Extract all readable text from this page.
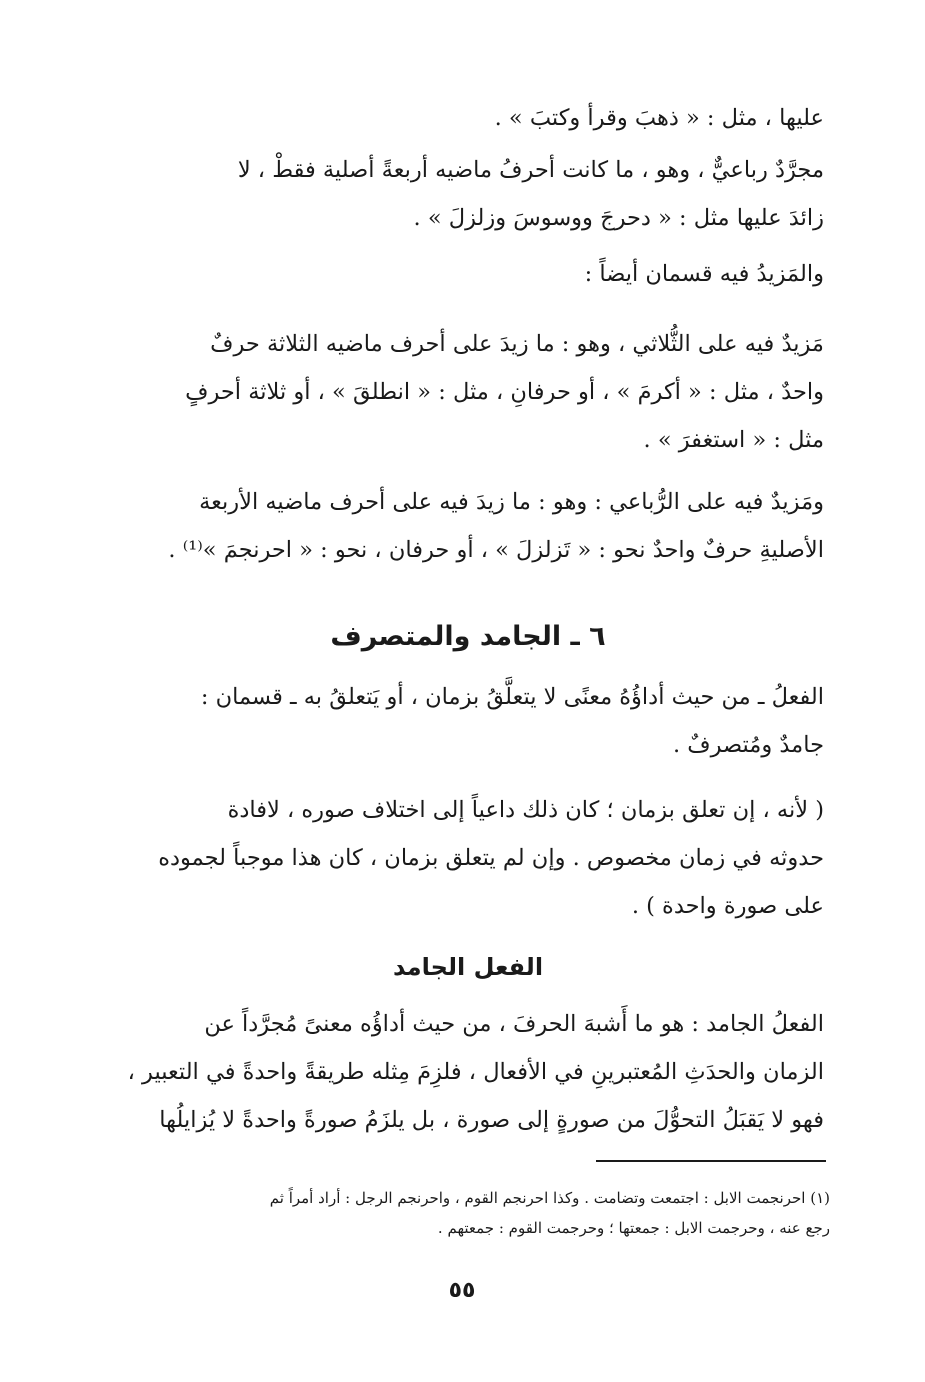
عليها ، مثل : « ذهبَ وقرأ وكتبَ » .

مجرَّدٌ رباعيٌّ ، وهو ، ما كانت أحرفُ ماضيه أربعةً أصلية فقطْ ، لا

زائدَ عليها مثل : « دحرجَ ووسوسَ وزلزلَ » .

والمَزيدُ فيه قسمان أيضاً :

مَزيدٌ فيه على الثُّلاثي ، وهو : ما زيدَ على أحرف ماضيه الثلاثة حرفٌ

واحدٌ ، مثل : « أكرمَ » ، أو حرفانِ ، مثل : « انطلقَ » ، أو ثلاثة أحرفٍ

مثل : « استغفرَ » .

ومَزيدٌ فيه على الرُّباعي : وهو : ما زيدَ فيه على أحرف ماضيه الأربعة

الأصليةِ حرفٌ واحدٌ نحو : « تَزلزلَ » ، أو حرفان ، نحو : « احرنجمَ »⁽¹⁾ .

٦ ـ الجامد والمتصرف

الفعلُ ـ من حيث أداؤُهُ معنًى لا يتعلَّقُ بزمان ، أو يَتعلقُ به ـ قسمان :

جامدٌ ومُتصرفٌ .

( لأنه ، إن تعلق بزمان ؛ كان ذلك داعياً إلى اختلاف صوره ، لافادة

حدوثه في زمان مخصوص . وإن لم يتعلق بزمان ، كان هذا موجباً لجموده

على صورة واحدة ) .

الفعل الجامد

الفعلُ الجامد : هو ما أَشبهَ الحرفَ ، من حيث أداؤُه معنىً مُجرَّداً عن

الزمان والحدَثِ المُعتبرينِ في الأفعال ، فلزِمَ مِثله طريقةً واحدةً في التعبير ،

فهو لا يَقبَلُ التحوُّلَ من صورةٍ إلى صورة ، بل يلزَمُ صورةً واحدةً لا يُزايلُها

(١) احرنجمت الابل : اجتمعت وتضامت . وكذا احرنجم القوم ، واحرنجم الرجل : أراد أمراً ثم

رجع عنه ، وحرجمت الابل : جمعتها ؛ وحرجمت القوم : جمعتهم .

٥٥
